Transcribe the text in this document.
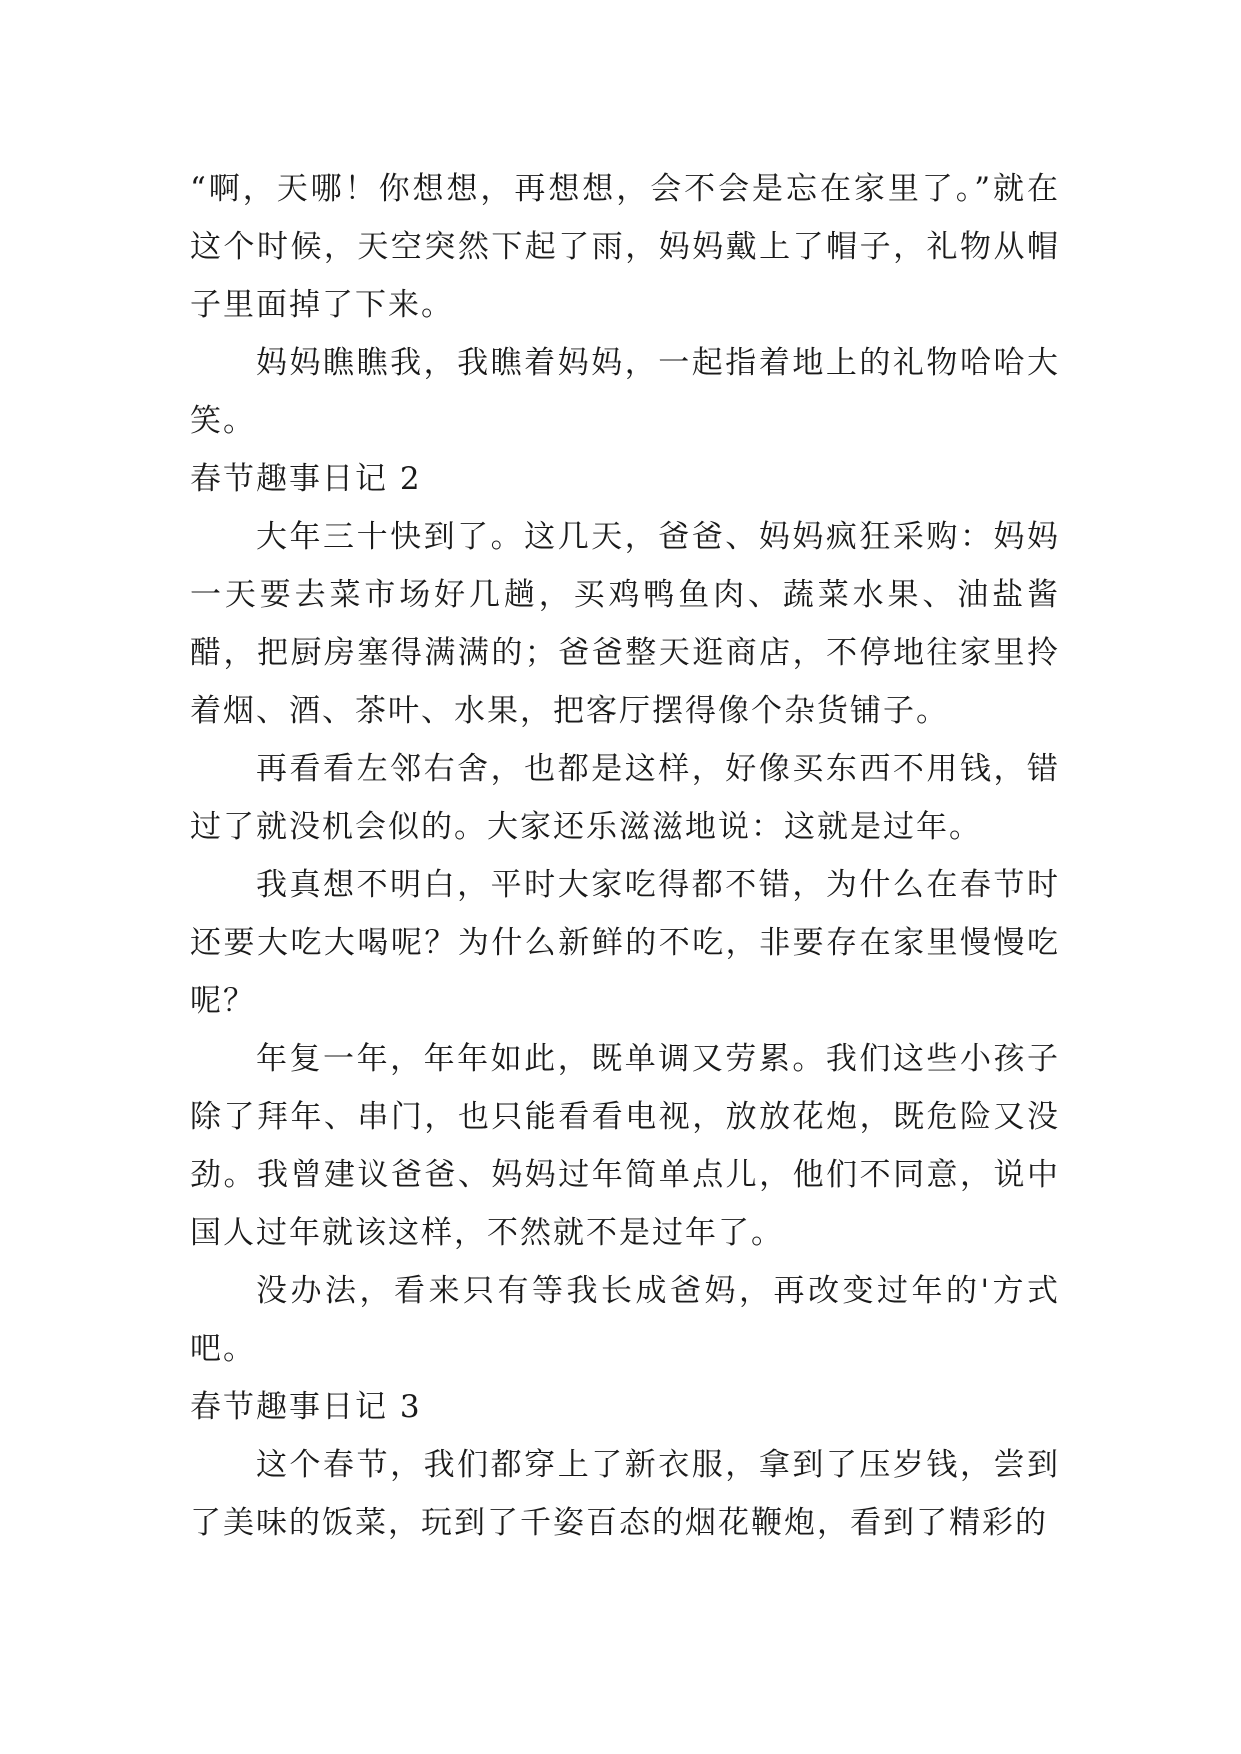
“啊，天哪！你想想，再想想，会不会是忘在家里了。”就在这个时候，天空突然下起了雨，妈妈戴上了帽子，礼物从帽子里面掉了下来。

妈妈瞧瞧我，我瞧着妈妈，一起指着地上的礼物哈哈大笑。

春节趣事日记 2

大年三十快到了。这几天，爸爸、妈妈疯狂采购：妈妈一天要去菜市场好几趟，买鸡鸭鱼肉、蔬菜水果、油盐酱醋，把厨房塞得满满的；爸爸整天逛商店，不停地往家里拎着烟、酒、茶叶、水果，把客厅摆得像个杂货铺子。

再看看左邻右舍，也都是这样，好像买东西不用钱，错过了就没机会似的。大家还乐滋滋地说：这就是过年。

我真想不明白，平时大家吃得都不错，为什么在春节时还要大吃大喝呢？为什么新鲜的不吃，非要存在家里慢慢吃呢？

年复一年，年年如此，既单调又劳累。我们这些小孩子除了拜年、串门，也只能看看电视，放放花炮，既危险又没劲。我曾建议爸爸、妈妈过年简单点儿，他们不同意，说中国人过年就该这样，不然就不是过年了。

没办法，看来只有等我长成爸妈，再改变过年的'方式吧。

春节趣事日记 3

这个春节，我们都穿上了新衣服，拿到了压岁钱，尝到了美味的饭菜，玩到了千姿百态的烟花鞭炮，看到了精彩的
